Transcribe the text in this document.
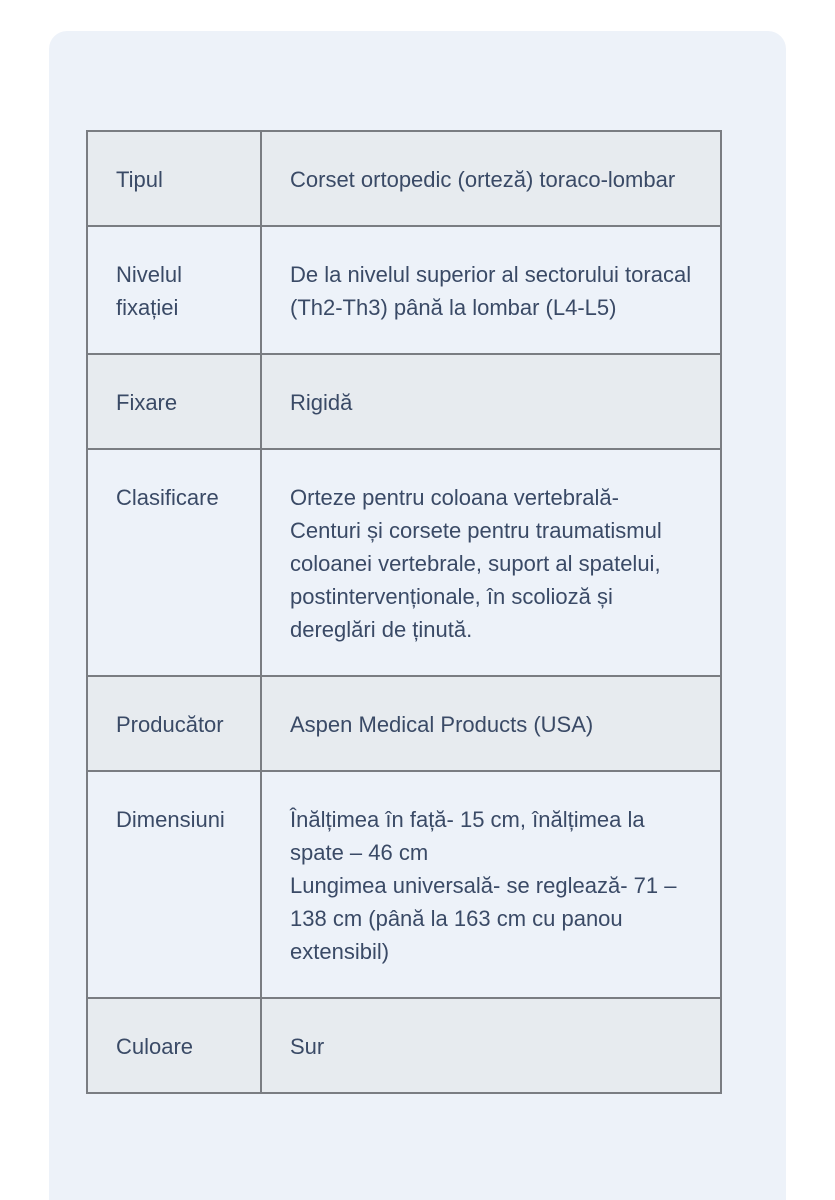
Tipul	Corset ortopedic (orteză) toraco-lombar

Nivelul fixației	De la nivelul superior al sectorului toracal (Th2-Th3) până la lombar (L4-L5)

Fixare	Rigidă

Clasificare	Orteze pentru coloana vertebrală- Centuri și corsete pentru traumatismul coloanei vertebrale, suport al spatelui, postintervenționale, în scolioză și dereglări de ținută.

Producător	Aspen Medical Products (USA)

Dimensiuni	Înălțimea în față- 15 cm, înălțimea la spate – 46 cm
Lungimea universală- se reglează- 71 – 138 cm (până la 163 cm cu panou extensibil)

Culoare	Sur
